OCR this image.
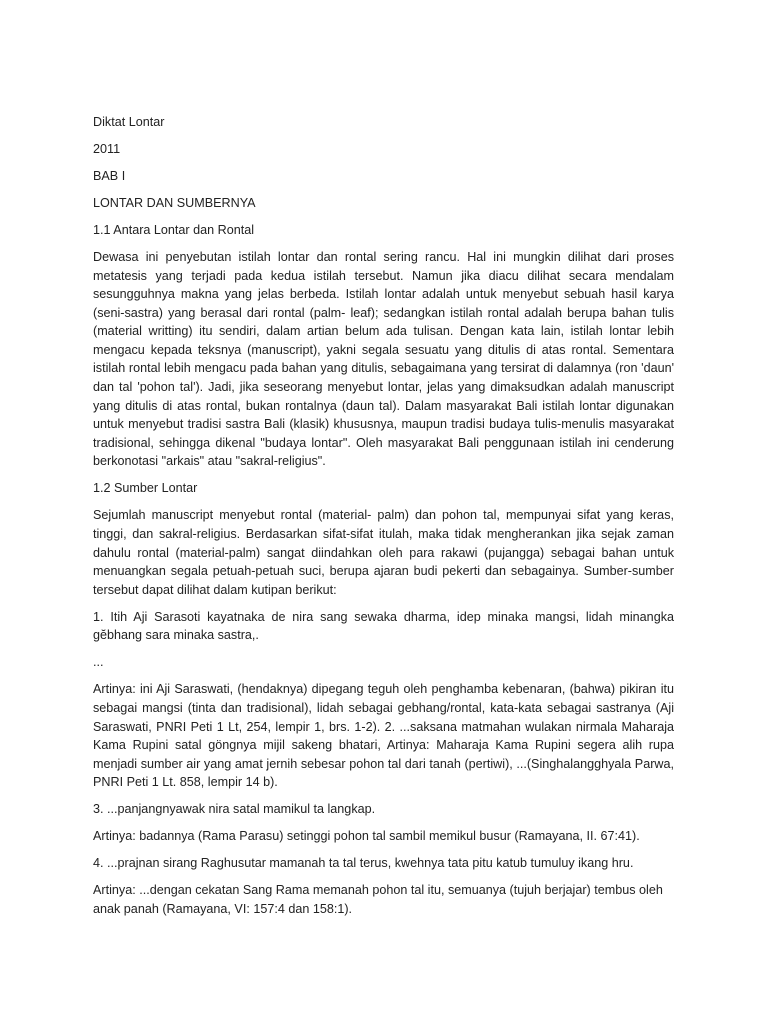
Diktat Lontar

2011

BAB I

LONTAR DAN SUMBERNYA

1.1 Antara Lontar dan Rontal

Dewasa ini penyebutan istilah lontar dan rontal sering rancu. Hal ini mungkin dilihat dari proses metatesis yang terjadi pada kedua istilah tersebut. Namun jika diacu dilihat secara mendalam sesungguhnya makna yang jelas berbeda. Istilah lontar adalah untuk menyebut sebuah hasil karya (seni-sastra) yang berasal dari rontal (palm- leaf); sedangkan istilah rontal adalah berupa bahan tulis (material writting) itu sendiri, dalam artian belum ada tulisan. Dengan kata lain, istilah lontar lebih mengacu kepada teksnya (manuscript), yakni segala sesuatu yang ditulis di atas rontal. Sementara istilah rontal lebih mengacu pada bahan yang ditulis, sebagaimana yang tersirat di dalamnya (ron 'daun' dan tal 'pohon tal'). Jadi, jika seseorang menyebut lontar, jelas yang dimaksudkan adalah manuscript yang ditulis di atas rontal, bukan rontalnya (daun tal). Dalam masyarakat Bali istilah lontar digunakan untuk menyebut tradisi sastra Bali (klasik) khususnya, maupun tradisi budaya tulis-menulis masyarakat tradisional, sehingga dikenal "budaya lontar". Oleh masyarakat Bali penggunaan istilah ini cenderung berkonotasi "arkais" atau "sakral-religius".

1.2 Sumber Lontar

Sejumlah manuscript menyebut rontal (material- palm) dan pohon tal, mempunyai sifat yang keras, tinggi, dan sakral-religius. Berdasarkan sifat-sifat itulah, maka tidak mengherankan jika sejak zaman dahulu rontal (material-palm) sangat diindahkan oleh para rakawi (pujangga) sebagai bahan untuk menuangkan segala petuah-petuah suci, berupa ajaran budi pekerti dan sebagainya. Sumber-sumber tersebut dapat dilihat dalam kutipan berikut:

1. Itih Aji Sarasoti kayatnaka de nira sang sewaka dharma, idep minaka mangsi, lidah minangka gĕbhang sara minaka sastra,.

...

Artinya: ini Aji Saraswati, (hendaknya) dipegang teguh oleh penghamba kebenaran, (bahwa) pikiran itu sebagai mangsi (tinta dan tradisional), lidah sebagai gebhang/rontal, kata-kata sebagai sastranya (Aji Saraswati, PNRI Peti 1 Lt, 254, lempir 1, brs. 1-2). 2. ...saksana matmahan wulakan nirmala Maharaja Kama Rupini satal göngnya mijil sakeng bhatari, Artinya: Maharaja Kama Rupini segera alih rupa menjadi sumber air yang amat jernih sebesar pohon tal dari tanah (pertiwi), ...(Singhalangghyala Parwa, PNRI Peti 1 Lt. 858, lempir 14 b).

3. ...panjangnyawak nira satal mamikul ta langkap.

Artinya: badannya (Rama Parasu) setinggi pohon tal sambil memikul busur (Ramayana, II. 67:41).

4. ...prajnan sirang Raghusutar mamanah ta tal terus, kwehnya tata pitu katub tumuluy ikang hru.

Artinya: ...dengan cekatan Sang Rama memanah pohon tal itu, semuanya (tujuh berjajar) tembus oleh anak panah (Ramayana, VI: 157:4 dan 158:1).
